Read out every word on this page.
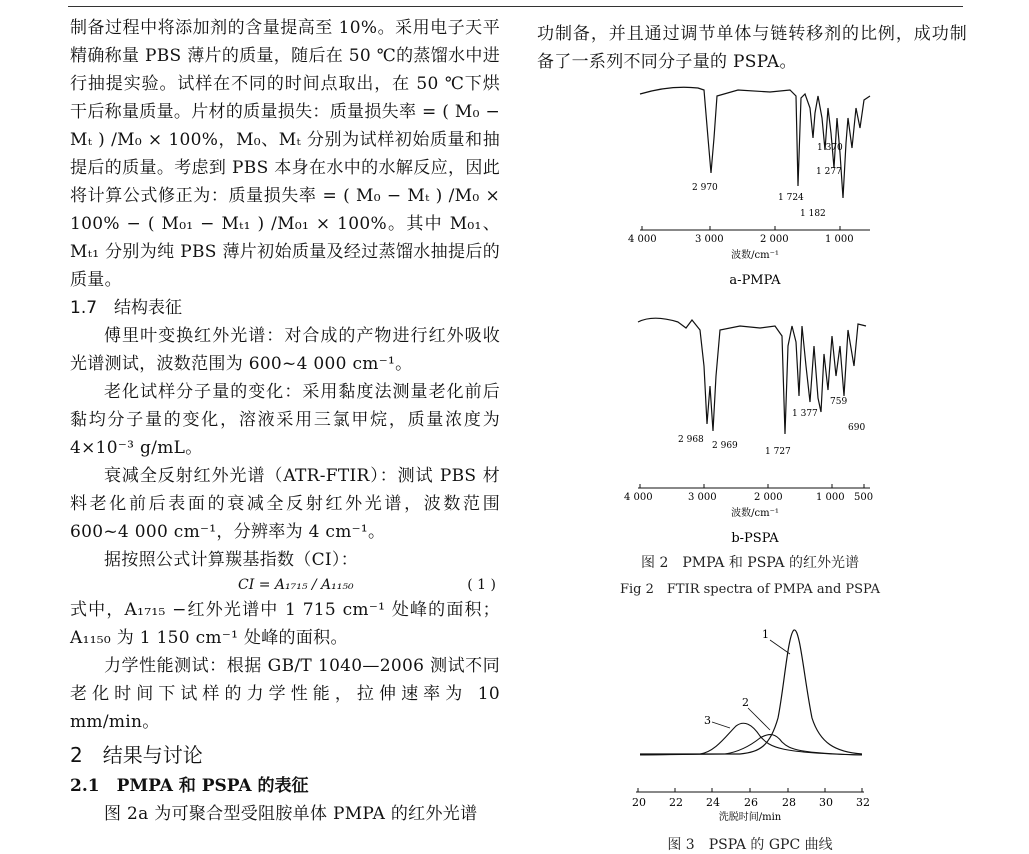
制备过程中将添加剂的含量提高至 10%。采用电子天平精确称量 PBS 薄片的质量，随后在 50 ℃的蒸馏水中进行抽提实验。试样在不同的时间点取出，在 50 ℃下烘干后称量质量。片材的质量损失：质量损失率 = ( M₀ − Mₜ ) /M₀ × 100%，M₀、Mₜ 分别为试样初始质量和抽提后的质量。考虑到 PBS 本身在水中的水解反应，因此将计算公式修正为：质量损失率 = ( M₀ − Mₜ ) /M₀ × 100% − ( M₀₁ − Mₜ₁ ) /M₀₁ × 100%。其中 M₀₁、Mₜ₁ 分别为纯 PBS 薄片初始质量及经过蒸馏水抽提后的质量。

1.7　结构表征

傅里叶变换红外光谱：对合成的产物进行红外吸收光谱测试，波数范围为 600~4 000 cm⁻¹。

老化试样分子量的变化：采用黏度法测量老化前后黏均分子量的变化，溶液采用三氯甲烷，质量浓度为 4×10⁻³ g/mL。

衰减全反射红外光谱（ATR-FTIR）：测试 PBS 材料老化前后表面的衰减全反射红外光谱，波数范围 600~4 000 cm⁻¹，分辨率为 4 cm⁻¹。

据按照公式计算羰基指数（CI）：

CI = A₁₇₁₅ / A₁₁₅₀	( 1 )

式中，A₁₇₁₅ −红外光谱中 1 715 cm⁻¹ 处峰的面积；A₁₁₅₀ 为 1 150 cm⁻¹ 处峰的面积。

力学性能测试：根据 GB/T 1040—2006 测试不同老化时间下试样的力学性能，拉伸速率为 10 mm/min。

2　结果与讨论

2.1　PMPA 和 PSPA 的表征

图 2a 为可聚合型受阻胺单体 PMPA 的红外光谱

功制备，并且通过调节单体与链转移剂的比例，成功制备了一系列不同分子量的 PSPA。

2 970
1 724
1 370
1 277
1 182
4 000	3 000	2 000	1 000
波数/cm⁻¹
a-PMPA
2 968
2 969
1 727
1 377
759
690
4 000	3 000	2 000	1 000 500
波数/cm⁻¹
b-PSPA
图 2　PMPA 和 PSPA 的红外光谱
Fig 2　FTIR spectra of PMPA and PSPA
1
2
3
20 22 24 26 28 30 32
洗脱时间/min
图 3　PSPA 的 GPC 曲线
